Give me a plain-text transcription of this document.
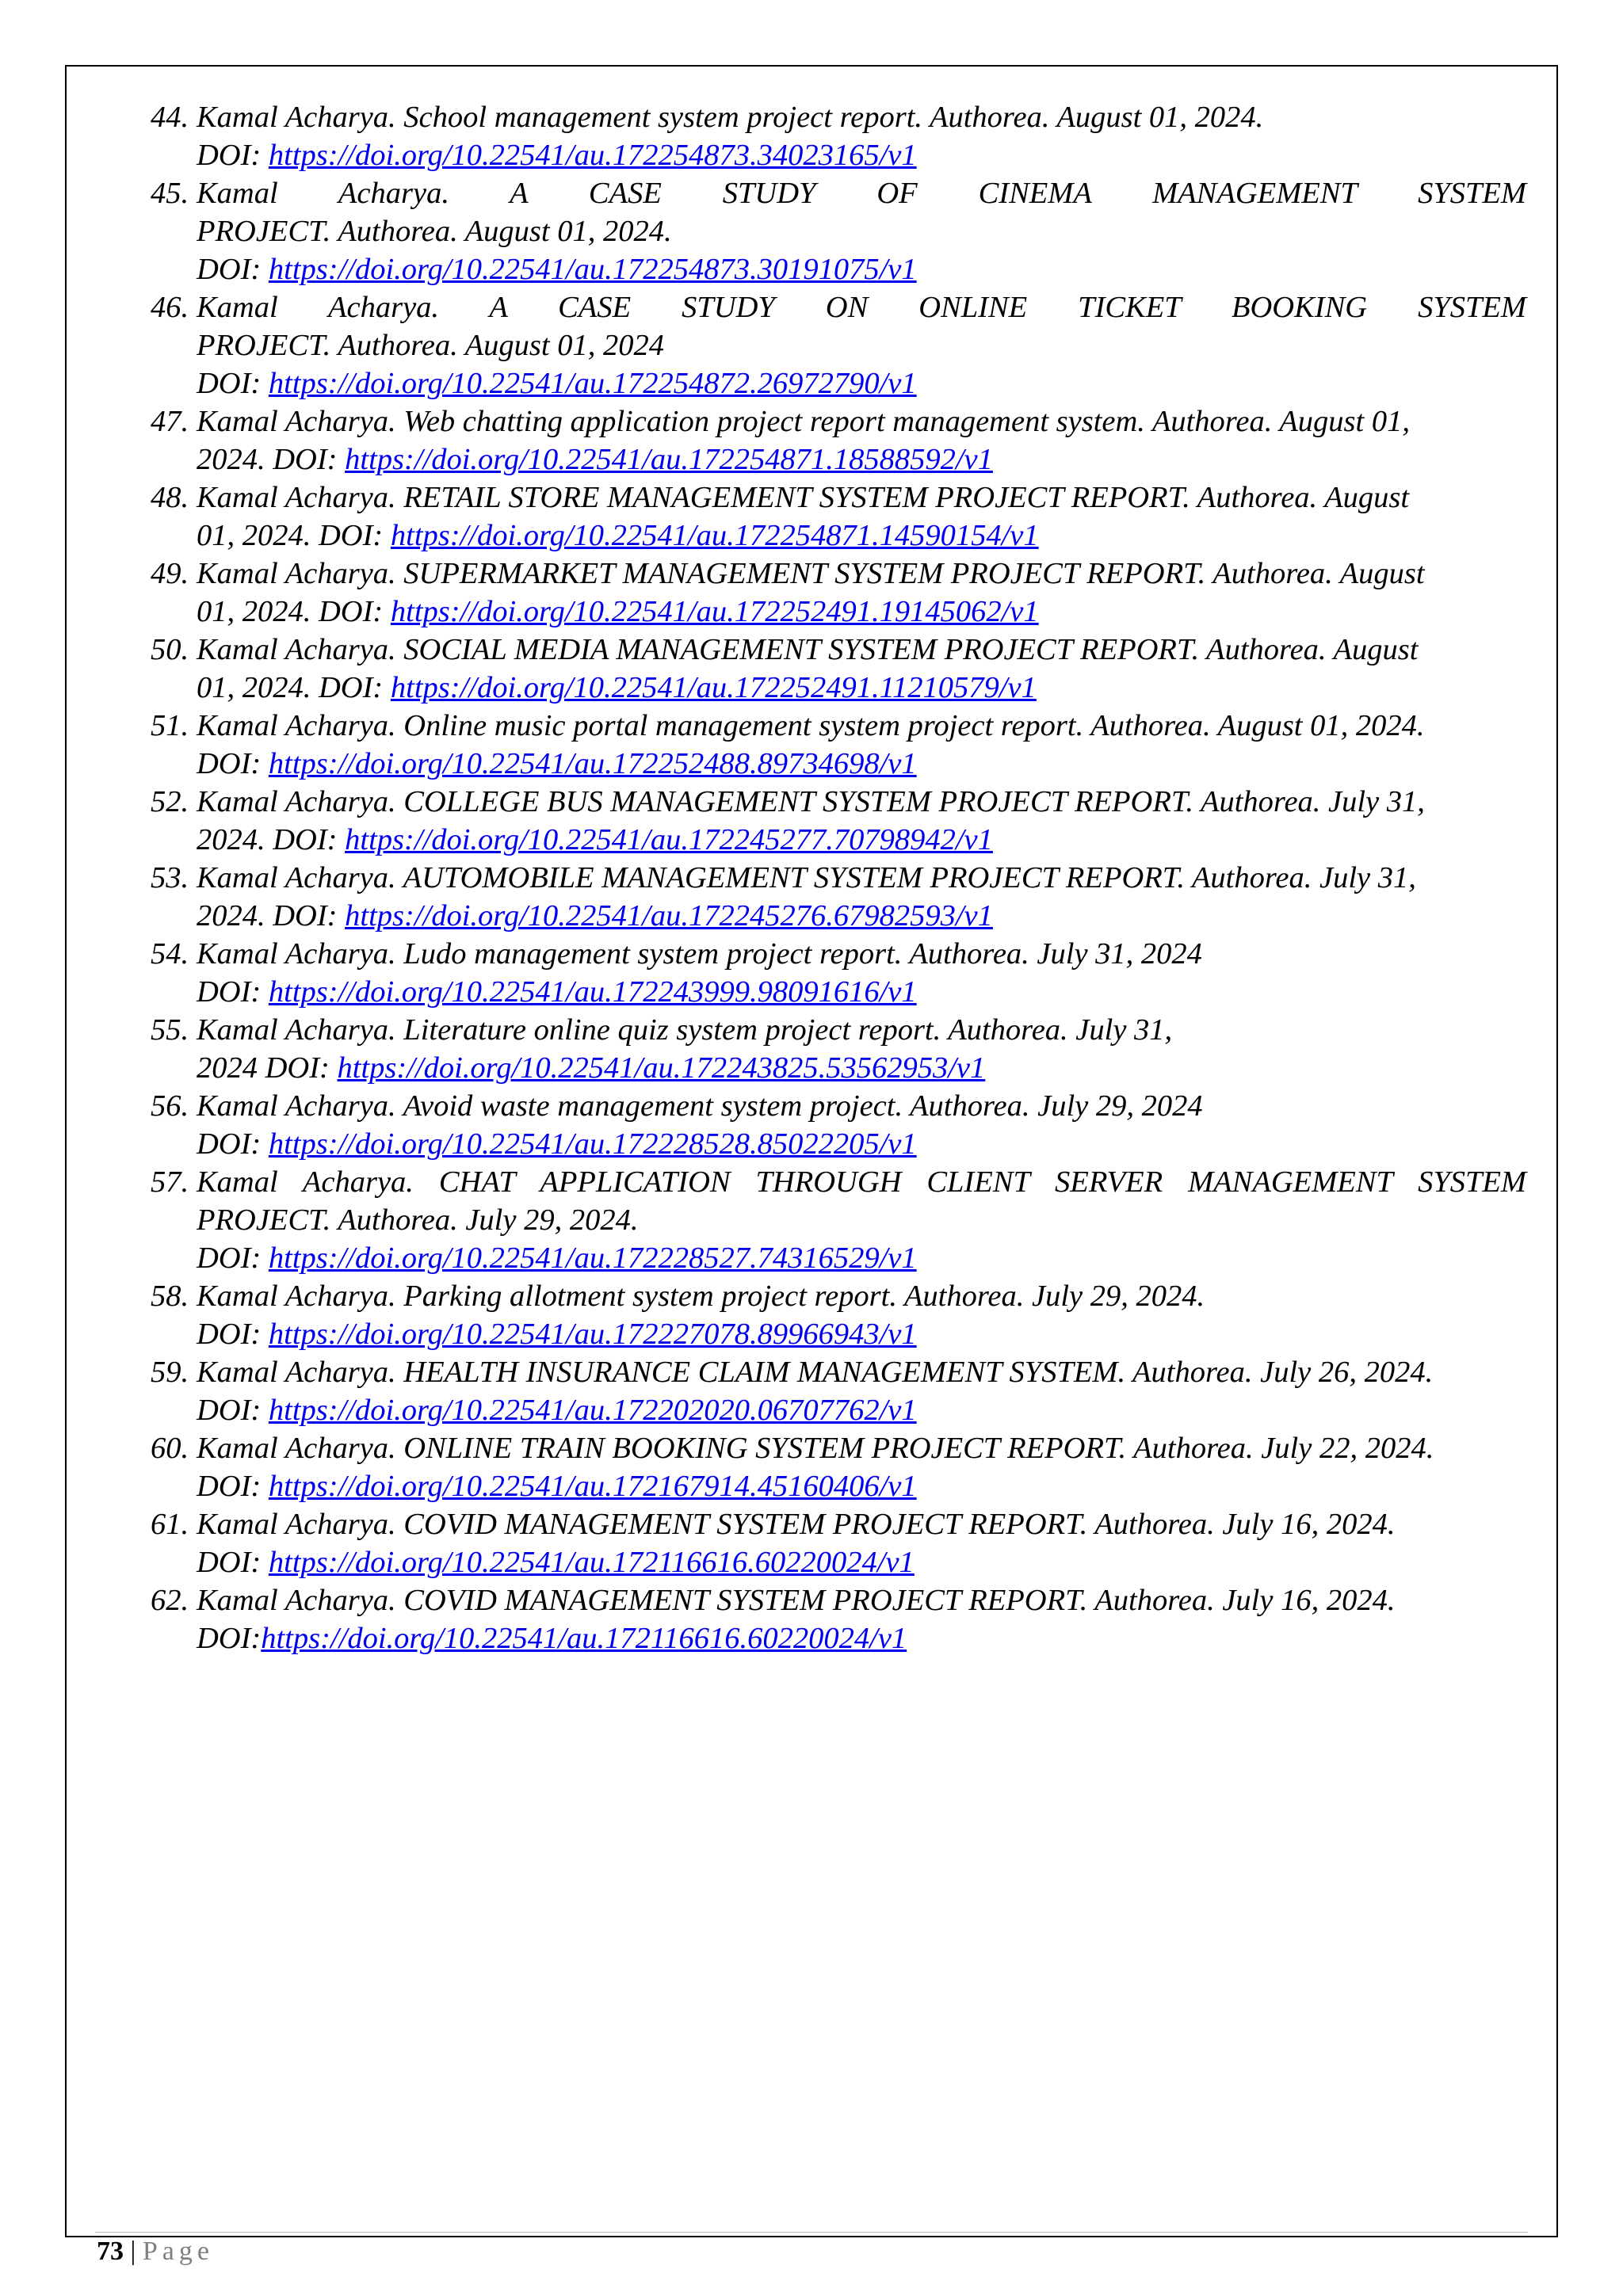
44. Kamal Acharya. School management system project report. Authorea. August 01, 2024.
DOI: https://doi.org/10.22541/au.172254873.34023165/v1
45. Kamal Acharya. A CASE STUDY OF CINEMA MANAGEMENT SYSTEM
PROJECT. Authorea. August 01, 2024.
DOI: https://doi.org/10.22541/au.172254873.30191075/v1
46. Kamal Acharya. A CASE STUDY ON ONLINE TICKET BOOKING SYSTEM
PROJECT. Authorea. August 01, 2024
DOI: https://doi.org/10.22541/au.172254872.26972790/v1
47. Kamal Acharya. Web chatting application project report management system. Authorea. August 01,
2024. DOI: https://doi.org/10.22541/au.172254871.18588592/v1
48. Kamal Acharya. RETAIL STORE MANAGEMENT SYSTEM PROJECT REPORT. Authorea. August
01, 2024. DOI: https://doi.org/10.22541/au.172254871.14590154/v1
49. Kamal Acharya. SUPERMARKET MANAGEMENT SYSTEM PROJECT REPORT. Authorea. August
01, 2024. DOI: https://doi.org/10.22541/au.172252491.19145062/v1
50. Kamal Acharya. SOCIAL MEDIA MANAGEMENT SYSTEM PROJECT REPORT. Authorea. August
01, 2024. DOI: https://doi.org/10.22541/au.172252491.11210579/v1
51. Kamal Acharya. Online music portal management system project report. Authorea. August 01, 2024.
DOI: https://doi.org/10.22541/au.172252488.89734698/v1
52. Kamal Acharya. COLLEGE BUS MANAGEMENT SYSTEM PROJECT REPORT. Authorea. July 31,
2024. DOI: https://doi.org/10.22541/au.172245277.70798942/v1
53. Kamal Acharya. AUTOMOBILE MANAGEMENT SYSTEM PROJECT REPORT. Authorea. July 31,
2024. DOI: https://doi.org/10.22541/au.172245276.67982593/v1
54. Kamal Acharya. Ludo management system project report. Authorea. July 31, 2024
DOI: https://doi.org/10.22541/au.172243999.98091616/v1
55. Kamal Acharya. Literature online quiz system project report. Authorea. July 31,
2024 DOI: https://doi.org/10.22541/au.172243825.53562953/v1
56. Kamal Acharya. Avoid waste management system project. Authorea. July 29, 2024
DOI: https://doi.org/10.22541/au.172228528.85022205/v1
57. Kamal Acharya. CHAT APPLICATION THROUGH CLIENT SERVER MANAGEMENT SYSTEM
PROJECT. Authorea. July 29, 2024.
DOI: https://doi.org/10.22541/au.172228527.74316529/v1
58. Kamal Acharya. Parking allotment system project report. Authorea. July 29, 2024.
DOI: https://doi.org/10.22541/au.172227078.89966943/v1
59. Kamal Acharya. HEALTH INSURANCE CLAIM MANAGEMENT SYSTEM. Authorea. July 26, 2024.
DOI: https://doi.org/10.22541/au.172202020.06707762/v1
60. Kamal Acharya. ONLINE TRAIN BOOKING SYSTEM PROJECT REPORT. Authorea. July 22, 2024.
DOI: https://doi.org/10.22541/au.172167914.45160406/v1
61. Kamal Acharya. COVID MANAGEMENT SYSTEM PROJECT REPORT. Authorea. July 16, 2024.
DOI: https://doi.org/10.22541/au.172116616.60220024/v1
62. Kamal Acharya. COVID MANAGEMENT SYSTEM PROJECT REPORT. Authorea. July 16, 2024.
DOI:https://doi.org/10.22541/au.172116616.60220024/v1
73 | Page
